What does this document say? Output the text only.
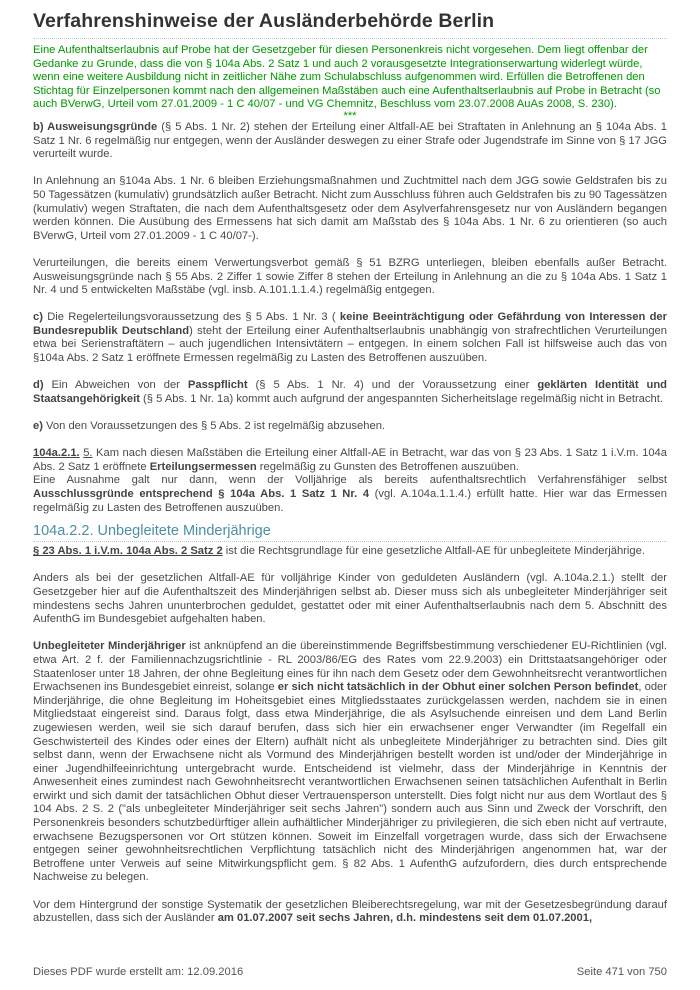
Verfahrenshinweise der Ausländerbehörde Berlin
Eine Aufenthaltserlaubnis auf Probe hat der Gesetzgeber für diesen Personenkreis nicht vorgesehen. Dem liegt offenbar der Gedanke zu Grunde, dass die von § 104a Abs. 2 Satz 1 und auch 2 vorausgesetzte Integrationserwartung widerlegt würde, wenn eine weitere Ausbildung nicht in zeitlicher Nähe zum Schulabschluss aufgenommen wird. Erfüllen die Betroffenen den Stichtag für Einzelpersonen kommt nach den allgemeinen Maßstäben auch eine Aufenthaltserlaubnis auf Probe in Betracht (so auch BVerwG, Urteil vom 27.01.2009 - 1 C 40/07 - und VG Chemnitz, Beschluss vom 23.07.2008 AuAs 2008, S. 230).
***

b) Ausweisungsgründe (§ 5 Abs. 1 Nr. 2) stehen der Erteilung einer Altfall-AE bei Straftaten in Anlehnung an § 104a Abs. 1 Satz 1 Nr. 6 regelmäßig nur entgegen, wenn der Ausländer deswegen zu einer Strafe oder Jugendstrafe im Sinne von § 17 JGG verurteilt wurde.

In Anlehnung an §104a Abs. 1 Nr. 6 bleiben Erziehungsmaßnahmen und Zuchtmittel nach dem JGG sowie Geldstrafen bis zu 50 Tagessätzen (kumulativ) grundsätzlich außer Betracht. Nicht zum Ausschluss führen auch Geldstrafen bis zu 90 Tagessätzen (kumulativ) wegen Straftaten, die nach dem Aufenthaltsgesetz oder dem Asylverfahrensgesetz nur von Ausländern begangen werden können. Die Ausübung des Ermessens hat sich damit am Maßstab des § 104a Abs. 1 Nr. 6 zu orientieren (so auch BVerwG, Urteil vom 27.01.2009 - 1 C 40/07-).

Verurteilungen, die bereits einem Verwertungsverbot gemäß § 51 BZRG unterliegen, bleiben ebenfalls außer Betracht. Ausweisungsgründe nach § 55 Abs. 2 Ziffer 1 sowie Ziffer 8 stehen der Erteilung in Anlehnung an die zu § 104a Abs. 1 Satz 1 Nr. 4 und 5 entwickelten Maßstäbe (vgl. insb. A.101.1.1.4.) regelmäßig entgegen.

c) Die Regelerteilungsvoraussetzung des § 5 Abs. 1 Nr. 3 ( keine Beeinträchtigung oder Gefährdung von Interessen der Bundesrepublik Deutschland) steht der Erteilung einer Aufenthaltserlaubnis unabhängig von strafrechtlichen Verurteilungen etwa bei Serienstraftätern – auch jugendlichen Intensivtätern – entgegen. In einem solchen Fall ist hilfsweise auch das von §104a Abs. 2 Satz 1 eröffnete Ermessen regelmäßig zu Lasten des Betroffenen auszuüben.

d) Ein Abweichen von der Passpflicht (§ 5 Abs. 1 Nr. 4) und der Voraussetzung einer geklärten Identität und Staatsangehörigkeit (§ 5 Abs. 1 Nr. 1a) kommt auch aufgrund der angespannten Sicherheitslage regelmäßig nicht in Betracht.

e) Von den Voraussetzungen des § 5 Abs. 2 ist regelmäßig abzusehen.

104a.2.1. 5. Kam nach diesen Maßstäben die Erteilung einer Altfall-AE in Betracht, war das von § 23 Abs. 1 Satz 1 i.V.m. 104a Abs. 2 Satz 1 eröffnete Erteilungsermessen regelmäßig zu Gunsten des Betroffenen auszuüben.

Eine Ausnahme galt nur dann, wenn der Volljährige als bereits aufenthaltsrechtlich Verfahrensfähiger selbst Ausschlussgründe entsprechend § 104a Abs. 1 Satz 1 Nr. 4 (vgl. A.104a.1.1.4.) erfüllt hatte. Hier war das Ermessen regelmäßig zu Lasten des Betroffenen auszuüben.

104a.2.2. Unbegleitete Minderjährige

§ 23 Abs. 1 i.V.m. 104a Abs. 2 Satz 2 ist die Rechtsgrundlage für eine gesetzliche Altfall-AE für unbegleitete Minderjährige.

Anders als bei der gesetzlichen Altfall-AE für volljährige Kinder von geduldeten Ausländern (vgl. A.104a.2.1.) stellt der Gesetzgeber hier auf die Aufenthaltszeit des Minderjährigen selbst ab. Dieser muss sich als unbegleiteter Minderjähriger seit mindestens sechs Jahren ununterbrochen geduldet, gestattet oder mit einer Aufenthaltserlaubnis nach dem 5. Abschnitt des AufenthG im Bundesgebiet aufgehalten haben.

Unbegleiteter Minderjähriger ist anknüpfend an die übereinstimmende Begriffsbestimmung verschiedener EU-Richtlinien (vgl. etwa Art. 2 f. der Familiennachzugsrichtlinie - RL 2003/86/EG des Rates vom 22.9.2003) ein Drittstaatsangehöriger oder Staatenloser unter 18 Jahren, der ohne Begleitung eines für ihn nach dem Gesetz oder dem Gewohnheitsrecht verantwortlichen Erwachsenen ins Bundesgebiet einreist, solange er sich nicht tatsächlich in der Obhut einer solchen Person befindet, oder Minderjährige, die ohne Begleitung im Hoheitsgebiet eines Mitgliedsstaates zurückgelassen werden, nachdem sie in einen Mitgliedstaat eingereist sind. Daraus folgt, dass etwa Minderjährige, die als Asylsuchende einreisen und dem Land Berlin zugewiesen werden, weil sie sich darauf berufen, dass sich hier ein erwachsener enger Verwandter (im Regelfall ein Geschwisterteil des Kindes oder eines der Eltern) aufhält nicht als unbegleitete Minderjähriger zu betrachten sind. Dies gilt selbst dann, wenn der Erwachsene nicht als Vormund des Minderjährigen bestellt worden ist und/oder der Minderjährige in einer Jugendhilfeeinrichtung untergebracht wurde. Entscheidend ist vielmehr, dass der Minderjährige in Kenntnis der Anwesenheit eines zumindest nach Gewohnheitsrecht verantwortlichen Erwachsenen seinen tatsächlichen Aufenthalt in Berlin erwirkt und sich damit der tatsächlichen Obhut dieser Vertrauensperson unterstellt. Dies folgt nicht nur aus dem Wortlaut des § 104 Abs. 2 S. 2 ("als unbegleiteter Minderjähriger seit sechs Jahren") sondern auch aus Sinn und Zweck der Vorschrift, den Personenkreis besonders schutzbedürftiger allein aufhältlicher Minderjähriger zu privilegieren, die sich eben nicht auf vertraute, erwachsene Bezugspersonen vor Ort stützen können. Soweit im Einzelfall vorgetragen wurde, dass sich der Erwachsene entgegen seiner gewohnheitsrechtlichen Verpflichtung tatsächlich nicht des Minderjährigen angenommen hat, war der Betroffene unter Verweis auf seine Mitwirkungspflicht gem. § 82 Abs. 1 AufenthG aufzufordern, dies durch entsprechende Nachweise zu belegen.

Vor dem Hintergrund der sonstige Systematik der gesetzlichen Bleiberechtsregelung, war mit der Gesetzesbegründung darauf abzustellen, dass sich der Ausländer am 01.07.2007 seit sechs Jahren, d.h. mindestens seit dem 01.07.2001,

Dieses PDF wurde erstellt am: 12.09.2016	Seite 471 von 750
